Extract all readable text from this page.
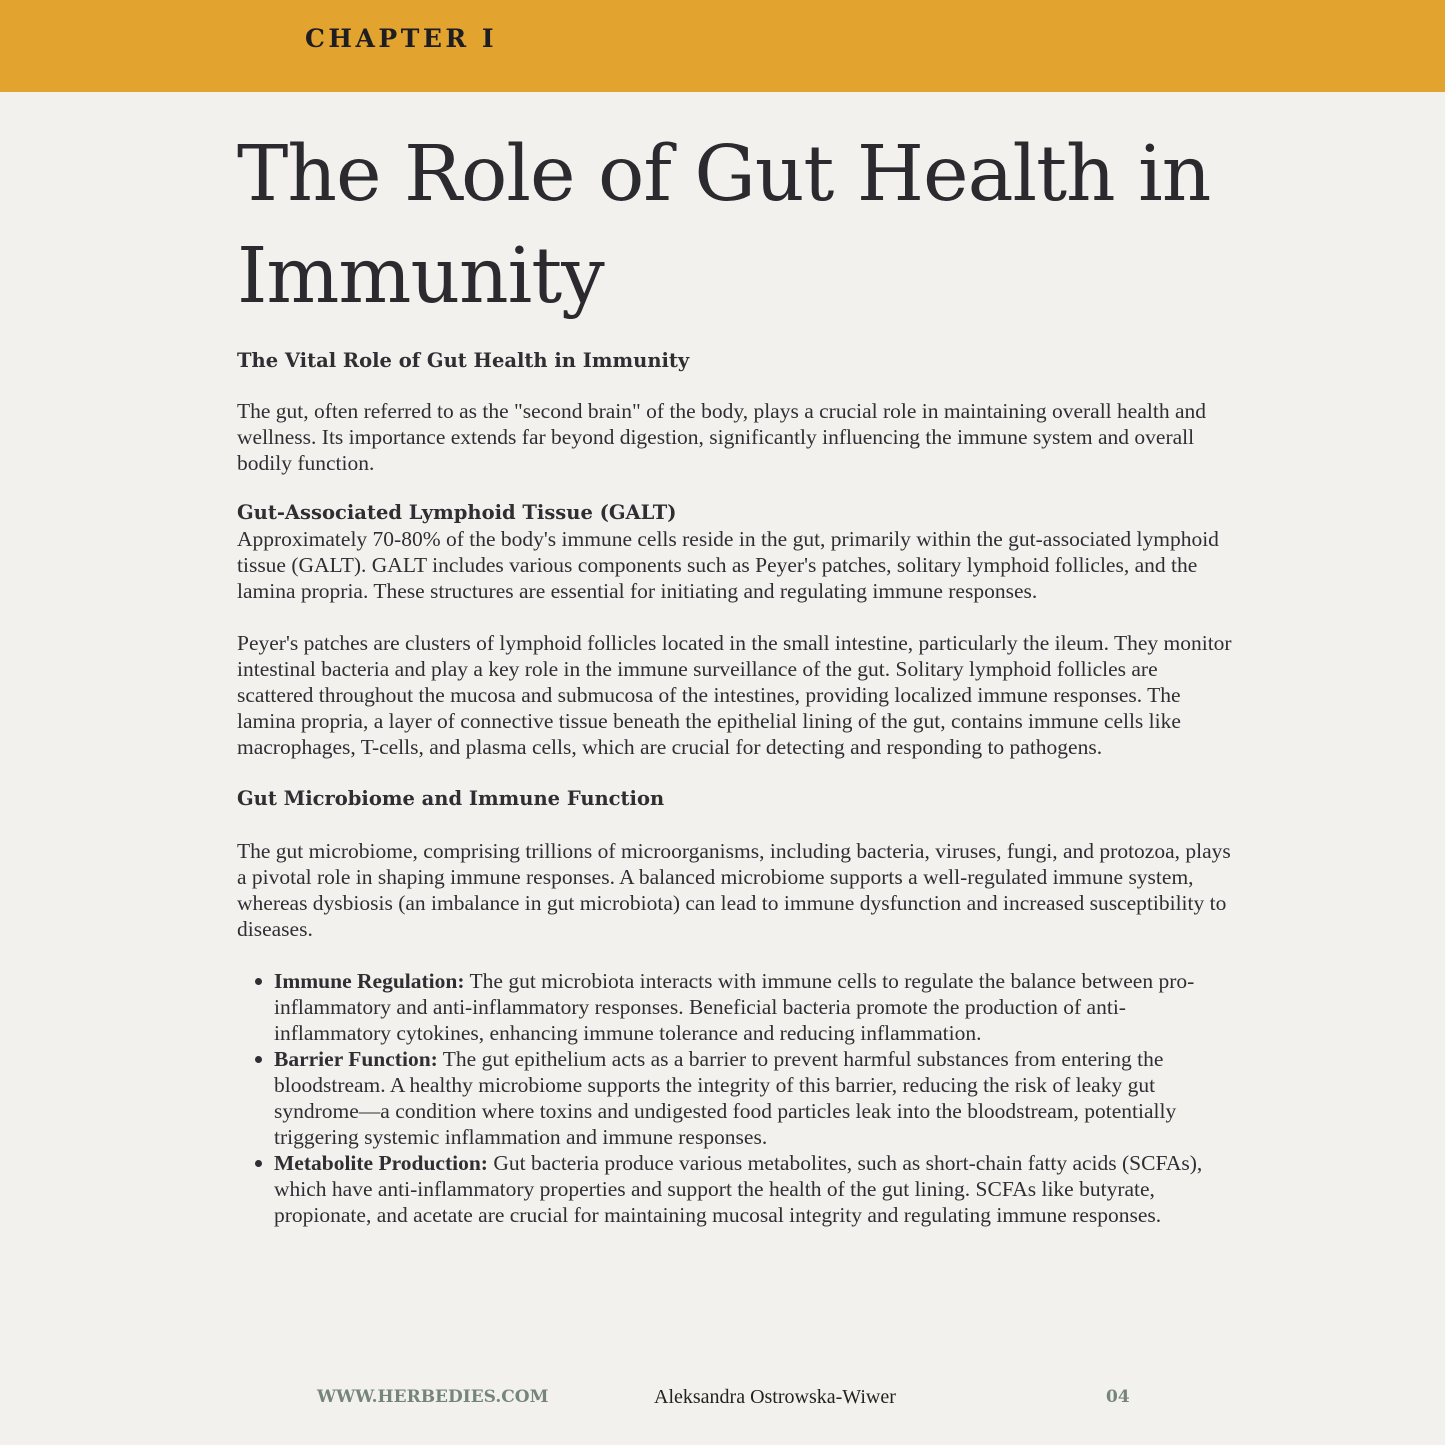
CHAPTER I
The Role of Gut Health in Immunity
The Vital Role of Gut Health in Immunity

The gut, often referred to as the "second brain" of the body, plays a crucial role in maintaining overall health and wellness. Its importance extends far beyond digestion, significantly influencing the immune system and overall bodily function.

Gut-Associated Lymphoid Tissue (GALT)

Approximately 70-80% of the body's immune cells reside in the gut, primarily within the gut-associated lymphoid tissue (GALT). GALT includes various components such as Peyer's patches, solitary lymphoid follicles, and the lamina propria. These structures are essential for initiating and regulating immune responses.

Peyer's patches are clusters of lymphoid follicles located in the small intestine, particularly the ileum. They monitor intestinal bacteria and play a key role in the immune surveillance of the gut. Solitary lymphoid follicles are scattered throughout the mucosa and submucosa of the intestines, providing localized immune responses. The lamina propria, a layer of connective tissue beneath the epithelial lining of the gut, contains immune cells like macrophages, T-cells, and plasma cells, which are crucial for detecting and responding to pathogens.

Gut Microbiome and Immune Function

The gut microbiome, comprising trillions of microorganisms, including bacteria, viruses, fungi, and protozoa, plays a pivotal role in shaping immune responses. A balanced microbiome supports a well-regulated immune system, whereas dysbiosis (an imbalance in gut microbiota) can lead to immune dysfunction and increased susceptibility to diseases.

Immune Regulation: The gut microbiota interacts with immune cells to regulate the balance between pro-inflammatory and anti-inflammatory responses. Beneficial bacteria promote the production of anti-inflammatory cytokines, enhancing immune tolerance and reducing inflammation.
Barrier Function: The gut epithelium acts as a barrier to prevent harmful substances from entering the bloodstream. A healthy microbiome supports the integrity of this barrier, reducing the risk of leaky gut syndrome—a condition where toxins and undigested food particles leak into the bloodstream, potentially triggering systemic inflammation and immune responses.
Metabolite Production: Gut bacteria produce various metabolites, such as short-chain fatty acids (SCFAs), which have anti-inflammatory properties and support the health of the gut lining. SCFAs like butyrate, propionate, and acetate are crucial for maintaining mucosal integrity and regulating immune responses.
WWW.HERBEDIES.COM	Aleksandra Ostrowska-Wiwer	04
